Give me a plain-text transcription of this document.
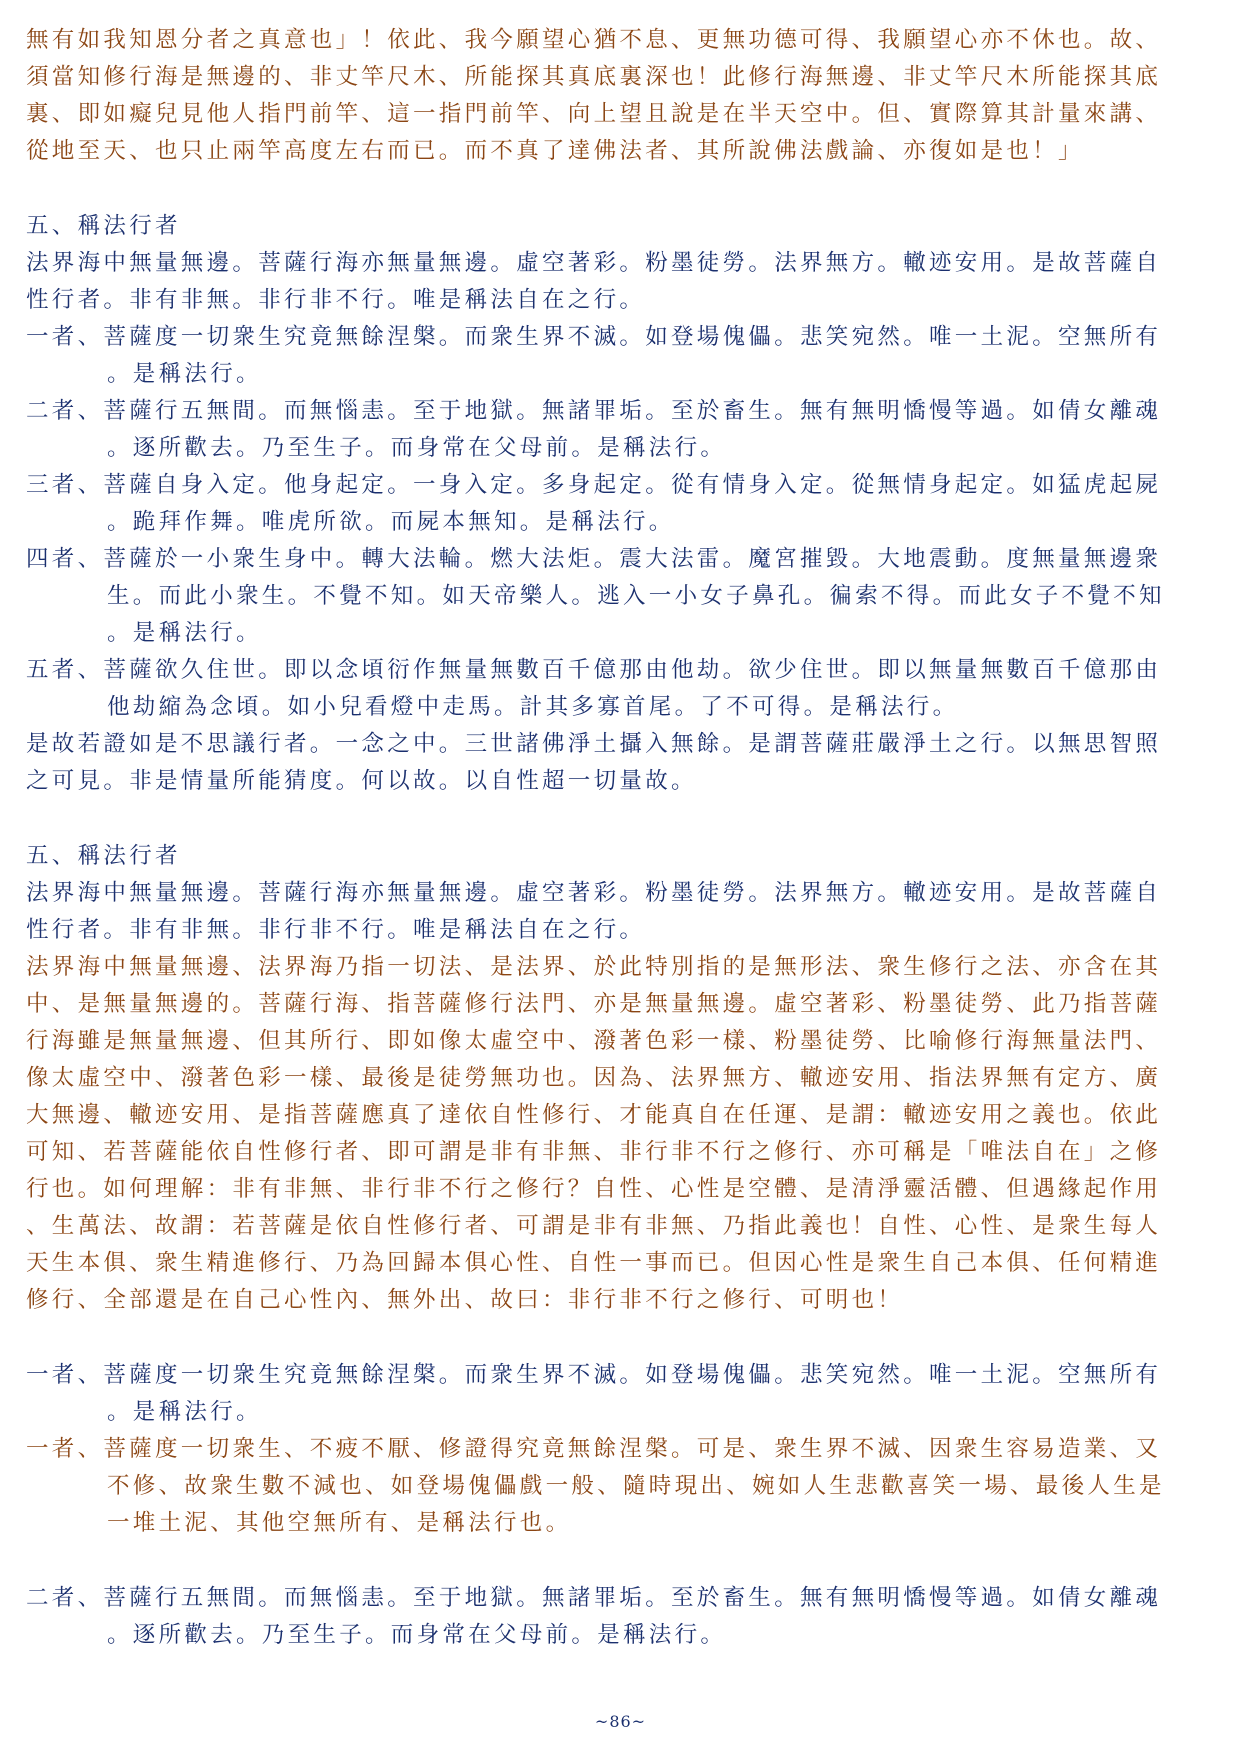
無有如我知恩分者之真意也」！依此、我今願望心猶不息、更無功德可得、我願望心亦不休也。故、
須當知修行海是無邊的、非丈竿尺木、所能探其真底裏深也！此修行海無邊、非丈竿尺木所能探其底
裏、即如癡兒見他人指門前竿、這一指門前竿、向上望且說是在半天空中。但、實際算其計量來講、
從地至天、也只止兩竿高度左右而已。而不真了達佛法者、其所說佛法戲論、亦復如是也！」
五、稱法行者
法界海中無量無邊。菩薩行海亦無量無邊。虛空著彩。粉墨徒勞。法界無方。轍迹安用。是故菩薩自
性行者。非有非無。非行非不行。唯是稱法自在之行。
一者、菩薩度一切衆生究竟無餘涅槃。而衆生界不滅。如登場傀儡。悲笑宛然。唯一土泥。空無所有
。是稱法行。
二者、菩薩行五無間。而無惱恚。至于地獄。無諸罪垢。至於畜生。無有無明憍慢等過。如倩女離魂
。逐所歡去。乃至生子。而身常在父母前。是稱法行。
三者、菩薩自身入定。他身起定。一身入定。多身起定。從有情身入定。從無情身起定。如猛虎起屍
。跪拜作舞。唯虎所欲。而屍本無知。是稱法行。
四者、菩薩於一小衆生身中。轉大法輪。燃大法炬。震大法雷。魔宮摧毀。大地震動。度無量無邊衆
生。而此小衆生。不覺不知。如天帝樂人。逃入一小女子鼻孔。徧索不得。而此女子不覺不知
。是稱法行。
五者、菩薩欲久住世。即以念頃衍作無量無數百千億那由他劫。欲少住世。即以無量無數百千億那由
他劫縮為念頃。如小兒看燈中走馬。計其多寡首尾。了不可得。是稱法行。
是故若證如是不思議行者。一念之中。三世諸佛淨土攝入無餘。是謂菩薩莊嚴淨土之行。以無思智照
之可見。非是情量所能猜度。何以故。以自性超一切量故。
五、稱法行者
法界海中無量無邊。菩薩行海亦無量無邊。虛空著彩。粉墨徒勞。法界無方。轍迹安用。是故菩薩自
性行者。非有非無。非行非不行。唯是稱法自在之行。
法界海中無量無邊、法界海乃指一切法、是法界、於此特別指的是無形法、衆生修行之法、亦含在其
中、是無量無邊的。菩薩行海、指菩薩修行法門、亦是無量無邊。虛空著彩、粉墨徒勞、此乃指菩薩
行海雖是無量無邊、但其所行、即如像太虛空中、潑著色彩一樣、粉墨徒勞、比喻修行海無量法門、
像太虛空中、潑著色彩一樣、最後是徒勞無功也。因為、法界無方、轍迹安用、指法界無有定方、廣
大無邊、轍迹安用、是指菩薩應真了達依自性修行、才能真自在任運、是謂：轍迹安用之義也。依此
可知、若菩薩能依自性修行者、即可謂是非有非無、非行非不行之修行、亦可稱是「唯法自在」之修
行也。如何理解：非有非無、非行非不行之修行？自性、心性是空體、是清淨靈活體、但遇緣起作用
、生萬法、故謂：若菩薩是依自性修行者、可謂是非有非無、乃指此義也！自性、心性、是衆生每人
天生本俱、衆生精進修行、乃為回歸本俱心性、自性一事而已。但因心性是衆生自己本俱、任何精進
修行、全部還是在自己心性內、無外出、故曰：非行非不行之修行、可明也！
一者、菩薩度一切衆生究竟無餘涅槃。而衆生界不滅。如登場傀儡。悲笑宛然。唯一土泥。空無所有
。是稱法行。
一者、菩薩度一切衆生、不疲不厭、修證得究竟無餘涅槃。可是、衆生界不滅、因衆生容易造業、又
不修、故衆生數不減也、如登場傀儡戲一般、隨時現出、婉如人生悲歡喜笑一場、最後人生是
一堆土泥、其他空無所有、是稱法行也。
二者、菩薩行五無間。而無惱恚。至于地獄。無諸罪垢。至於畜生。無有無明憍慢等過。如倩女離魂
。逐所歡去。乃至生子。而身常在父母前。是稱法行。
~86~
